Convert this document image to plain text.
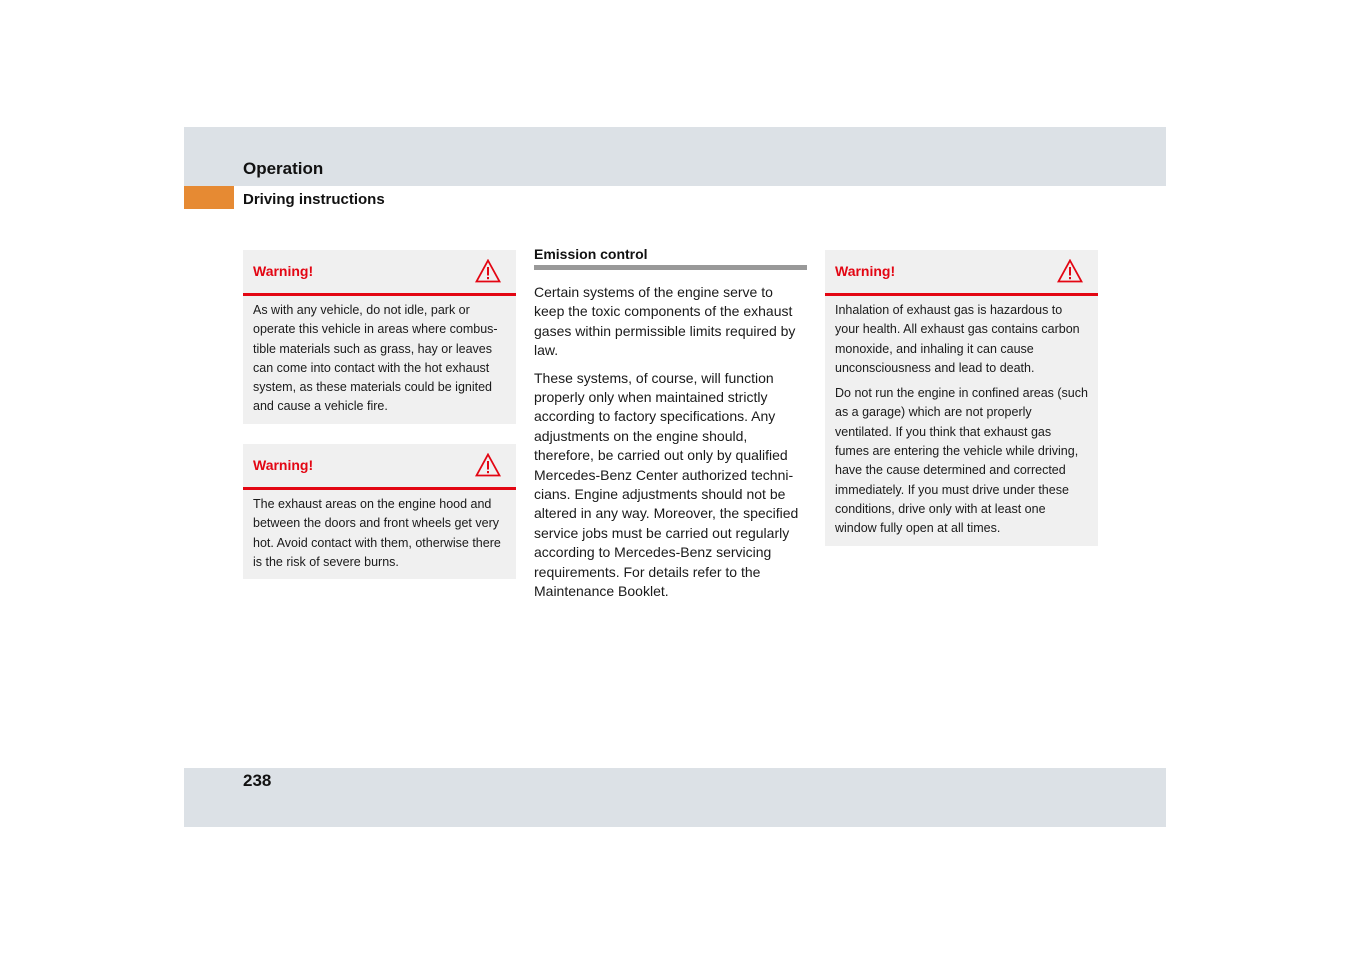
Operation
Driving instructions
Warning!

As with any vehicle, do not idle, park or operate this vehicle in areas where combus-tible materials such as grass, hay or leaves can come into contact with the hot exhaust system, as these materials could be ignited and cause a vehicle fire.

Warning!

The exhaust areas on the engine hood and between the doors and front wheels get very hot. Avoid contact with them, otherwise there is the risk of severe burns.

Emission control

Certain systems of the engine serve to keep the toxic components of the exhaust gases within permissible limits required by law.

These systems, of course, will function properly only when maintained strictly according to factory specifications. Any adjustments on the engine should, therefore, be carried out only by qualified Mercedes-Benz Center authorized techni-cians. Engine adjustments should not be altered in any way. Moreover, the specified service jobs must be carried out regularly according to Mercedes-Benz servicing requirements. For details refer to the Maintenance Booklet.

Warning!

Inhalation of exhaust gas is hazardous to your health. All exhaust gas contains carbon monoxide, and inhaling it can cause unconsciousness and lead to death.

Do not run the engine in confined areas (such as a garage) which are not properly ventilated. If you think that exhaust gas fumes are entering the vehicle while driving, have the cause determined and corrected immediately. If you must drive under these conditions, drive only with at least one window fully open at all times.

238
